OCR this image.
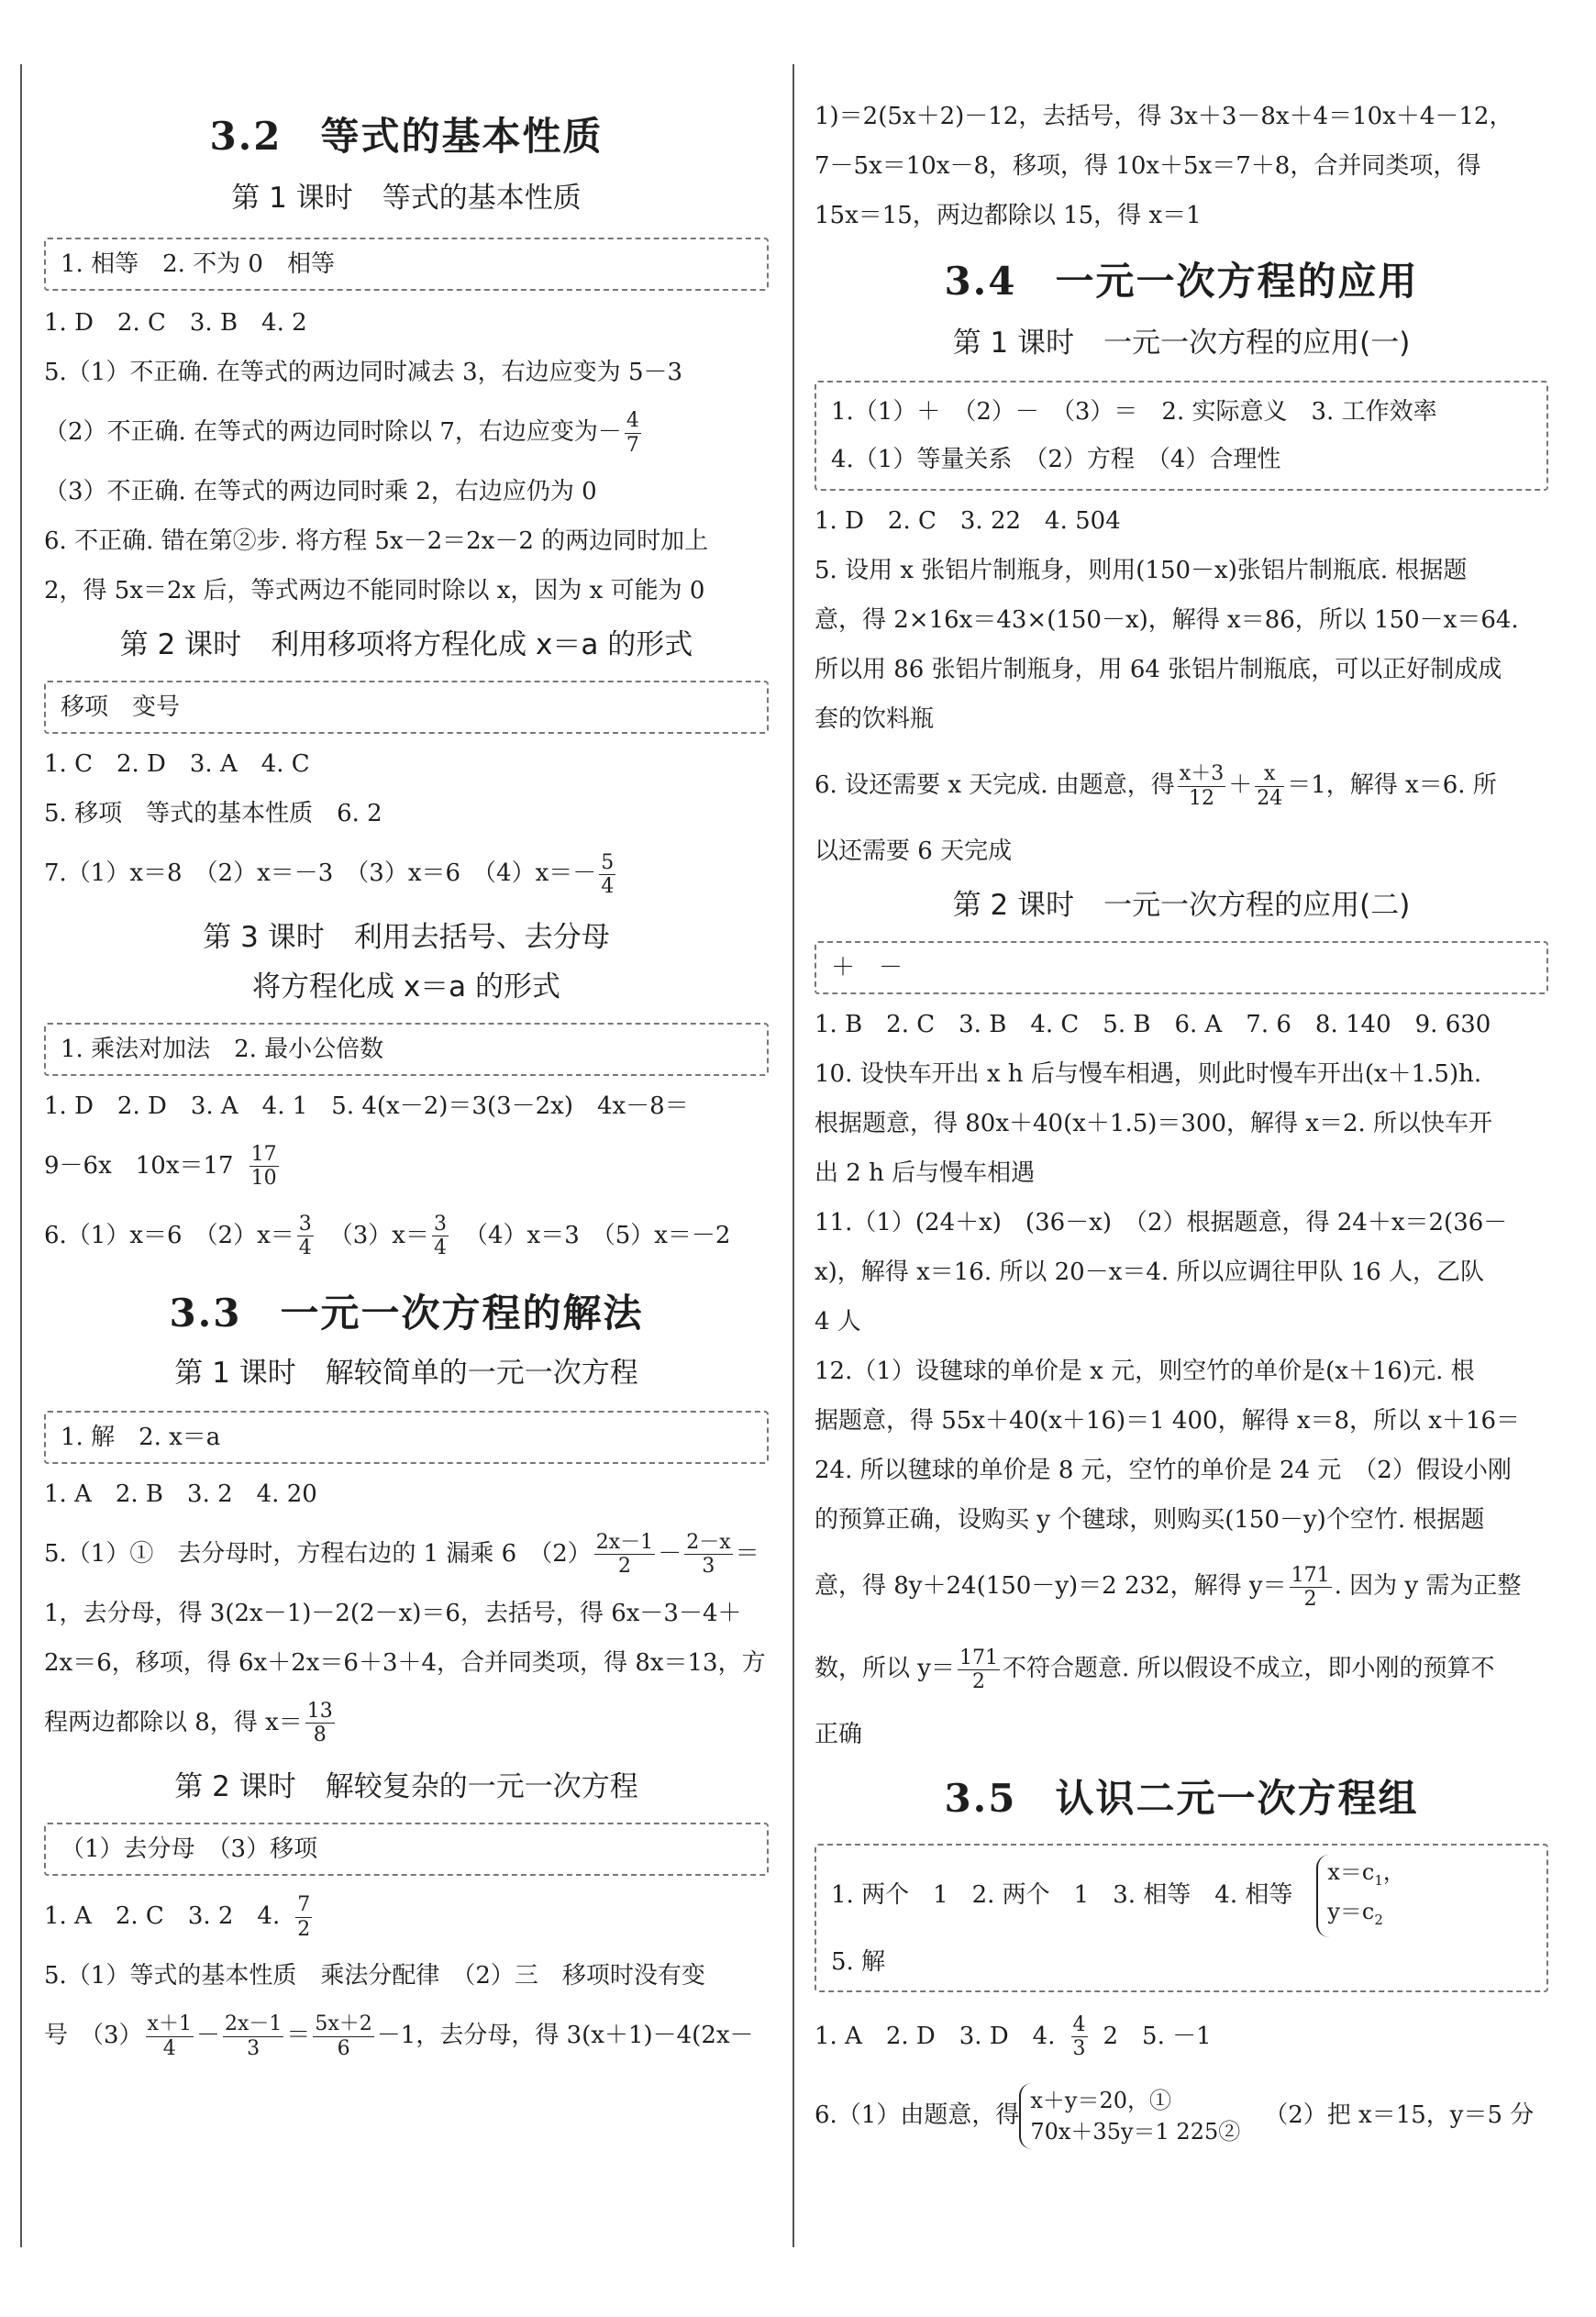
3.2 等式的基本性质
第 1 课时 等式的基本性质
1. 相等　2. 不为 0　相等
1. D　2. C　3. B　4. 2
5.（1）不正确. 在等式的两边同时减去 3，右边应变为 5－3
（2）不正确. 在等式的两边同时除以 7，右边应变为－ $\frac{4}{7}$
（3）不正确. 在等式的两边同时乘 2，右边应仍为 0
6. 不正确. 错在第②步. 将方程 5x－2＝2x－2 的两边同时加上
2，得 5x＝2x 后，等式两边不能同时除以 x，因为 x 可能为 0
第 2 课时 利用移项将方程化成 x＝a 的形式
移项　变号
1. C　2. D　3. A　4. C
5. 移项　等式的基本性质　6. 2
7.（1）x＝8　（2）x＝－3　（3）x＝6　$(4)x=- \frac{5}{4}$
第 3 课时 利用去括号、去分母
将方程化成 x＝a 的形式
1. 乘法对加法　2. 最小公倍数
1. D　2. D　3. A　4. 1　5. 4(x－2)＝3(3－2x)　4x－8＝
9－6x　$10x=17 \frac{17}{10}$
6.（1）x＝6　$(2)x= \frac{3}{4} (3)x= \frac{3}{4} (4)x=3$　（5）x＝－2
3.3 一元一次方程的解法
第 1 课时 解较简单的一元一次方程
1. 解　2. x＝a
1. A　2. B　3. 2　4. 20
5.（1）①　去分母时，方程右边的 1 漏乘 6　$(2) \frac{2x-1}{2} - \frac{2-x}{3}$ ＝
1，去分母，得 3(2x－1)－2(2－x)＝6，去括号，得 6x－3－4＋
2x＝6，移项，得 6x＋2x＝6＋3＋4，合并同类项，得 8x＝13，方
程两边都除以 8，得 $x= \frac{13}{8}$
第 2 课时 解较复杂的一元一次方程
（1）去分母　（3）移项
1. A　2. C　3. 2　4. $\frac{7}{2}$
5.（1）等式的基本性质　乘法分配律　（2）三　移项时没有变
号　$(3) \frac{x+1}{4} - \frac{2x-1}{3} = \frac{5x+2}{6} -1$，去分母，得 3(x＋1)－4(2x－
1)＝2(5x＋2)－12，去括号，得 3x＋3－8x＋4＝10x＋4－12，
7－5x＝10x－8，移项，得 10x＋5x＝7＋8，合并同类项，得
15x＝15，两边都除以 15，得 x＝1
3.4 一元一次方程的应用
第 1 课时 一元一次方程的应用(一)
1.（1）＋　（2）－　（3）＝　2. 实际意义　3. 工作效率
4.（1）等量关系　（2）方程　（4）合理性
1. D　2. C　3. 22　4. 504
5. 设用 x 张铝片制瓶身，则用(150－x)张铝片制瓶底. 根据题
意，得 2×16x＝43×(150－x)，解得 x＝86，所以 150－x＝64.
所以用 86 张铝片制瓶身，用 64 张铝片制瓶底，可以正好制成成
套的饮料瓶
6. 设还需要 x 天完成. 由题意，得 $\frac{x+3}{12} + \frac{x}{24} =1$，解得 x＝6. 所
以还需要 6 天完成
第 2 课时 一元一次方程的应用(二)
＋　－
1. B　2. C　3. B　4. C　5. B　6. A　7. 6　8. 140　9. 630
10. 设快车开出 x h 后与慢车相遇，则此时慢车开出(x＋1.5)h.
根据题意，得 80x＋40(x＋1.5)＝300，解得 x＝2. 所以快车开
出 2 h 后与慢车相遇
11.（1）(24＋x)　(36－x)　（2）根据题意，得 24＋x＝2(36－
x)，解得 x＝16. 所以 20－x＝4. 所以应调往甲队 16 人，乙队
4 人
12.（1）设毽球的单价是 x 元，则空竹的单价是(x＋16)元. 根
据题意，得 55x＋40(x＋16)＝1 400，解得 x＝8，所以 x＋16＝
24. 所以毽球的单价是 8 元，空竹的单价是 24 元　（2）假设小刚
的预算正确，设购买 y 个毽球，则购买(150－y)个空竹. 根据题
意，得 8y＋24(150－y)＝2 232，解得 $y= \frac{171}{2}$ . 因为 y 需为正整
数，所以 $y= \frac{171}{2}$ 不符合题意. 所以假设不成立，即小刚的预算不
正确
3.5 认识二元一次方程组
1. 两个　1　2. 两个　1　3. 相等　4. 相等
$x=c_1$，
$y=c_2$
5. 解
1. A　2. D　3. D　4. $\frac{4}{3} 2$　5. －1
6.（1）由题意，得
x＋y＝20，①
70x＋35y＝1 225②
（2）把 x＝15，y＝5 分
